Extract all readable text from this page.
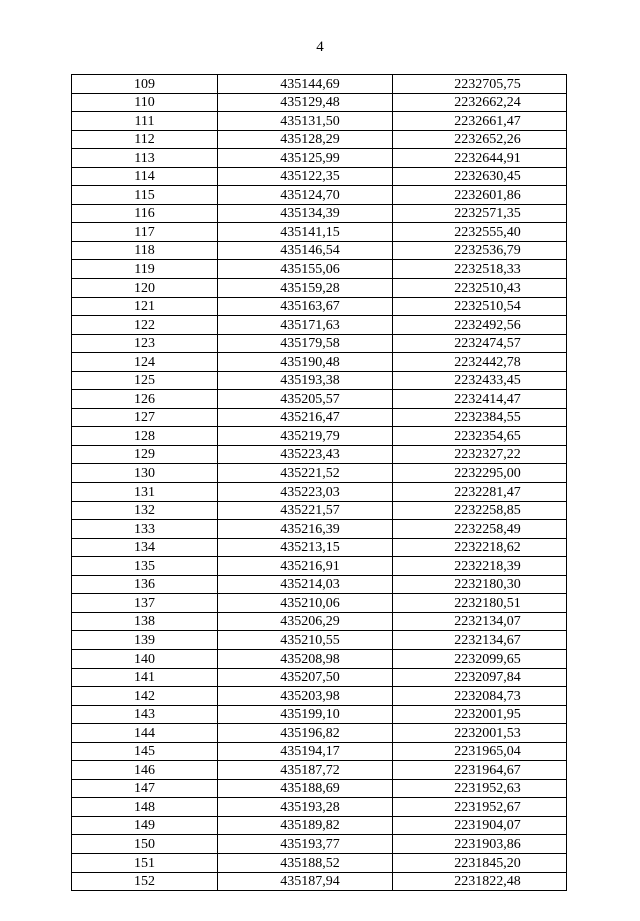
4
109	435144,69	2232705,75
110	435129,48	2232662,24
111	435131,50	2232661,47
112	435128,29	2232652,26
113	435125,99	2232644,91
114	435122,35	2232630,45
115	435124,70	2232601,86
116	435134,39	2232571,35
117	435141,15	2232555,40
118	435146,54	2232536,79
119	435155,06	2232518,33
120	435159,28	2232510,43
121	435163,67	2232510,54
122	435171,63	2232492,56
123	435179,58	2232474,57
124	435190,48	2232442,78
125	435193,38	2232433,45
126	435205,57	2232414,47
127	435216,47	2232384,55
128	435219,79	2232354,65
129	435223,43	2232327,22
130	435221,52	2232295,00
131	435223,03	2232281,47
132	435221,57	2232258,85
133	435216,39	2232258,49
134	435213,15	2232218,62
135	435216,91	2232218,39
136	435214,03	2232180,30
137	435210,06	2232180,51
138	435206,29	2232134,07
139	435210,55	2232134,67
140	435208,98	2232099,65
141	435207,50	2232097,84
142	435203,98	2232084,73
143	435199,10	2232001,95
144	435196,82	2232001,53
145	435194,17	2231965,04
146	435187,72	2231964,67
147	435188,69	2231952,63
148	435193,28	2231952,67
149	435189,82	2231904,07
150	435193,77	2231903,86
151	435188,52	2231845,20
152	435187,94	2231822,48
